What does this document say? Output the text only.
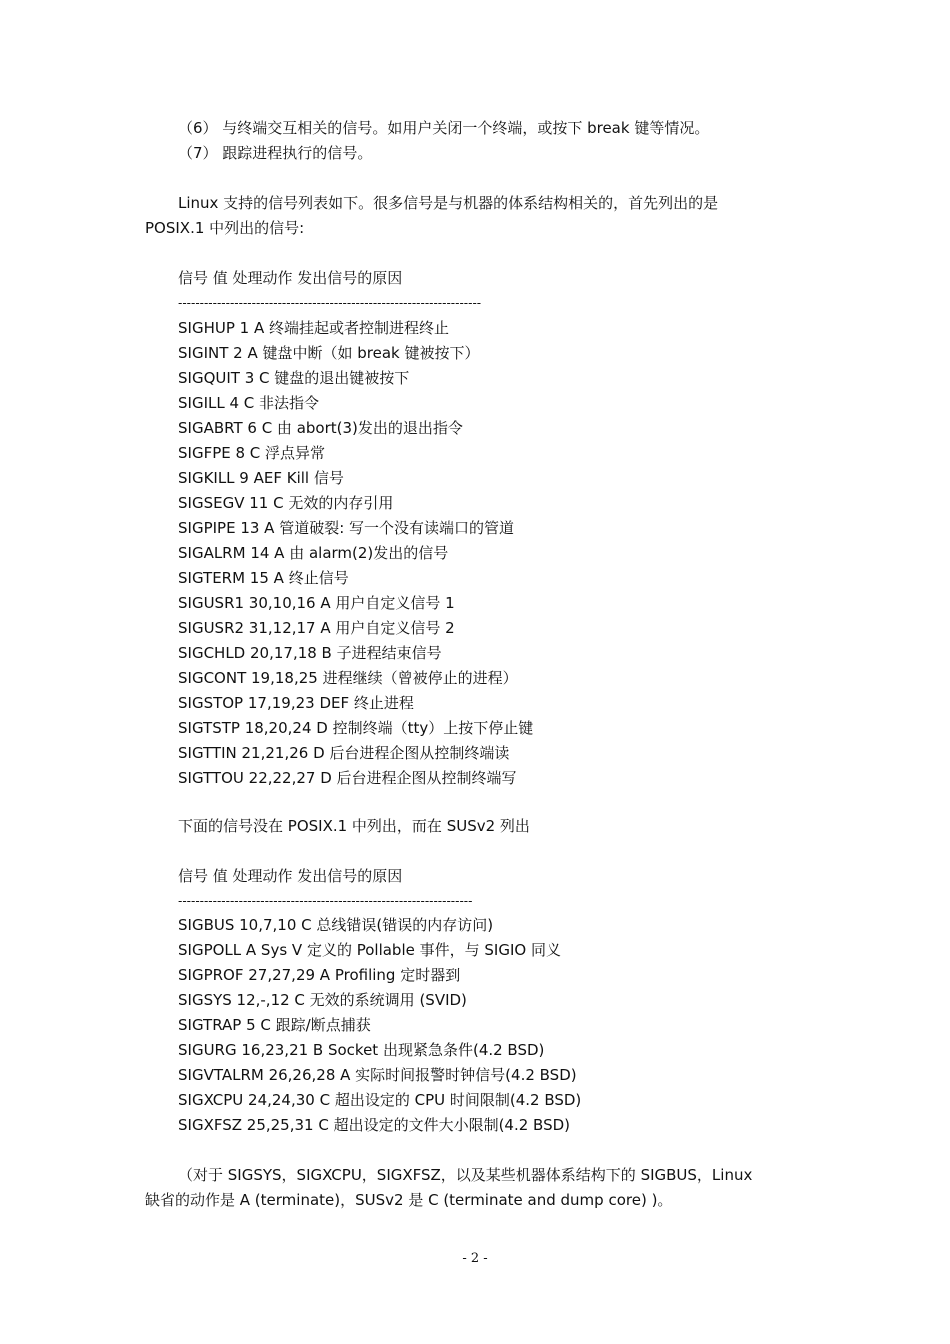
（6） 与终端交互相关的信号。如用户关闭一个终端，或按下 break 键等情况。
（7） 跟踪进程执行的信号。
Linux 支持的信号列表如下。很多信号是与机器的体系结构相关的，首先列出的是
POSIX.1 中列出的信号:
信号 值 处理动作 发出信号的原因
----------------------------------------------------------------------
SIGHUP 1 A 终端挂起或者控制进程终止
SIGINT 2 A 键盘中断（如 break 键被按下）
SIGQUIT 3 C 键盘的退出键被按下
SIGILL 4 C 非法指令
SIGABRT 6 C 由 abort(3)发出的退出指令
SIGFPE 8 C 浮点异常
SIGKILL 9 AEF Kill 信号
SIGSEGV 11 C 无效的内存引用
SIGPIPE 13 A 管道破裂: 写一个没有读端口的管道
SIGALRM 14 A 由 alarm(2)发出的信号
SIGTERM 15 A 终止信号
SIGUSR1 30,10,16 A 用户自定义信号 1
SIGUSR2 31,12,17 A 用户自定义信号 2
SIGCHLD 20,17,18 B 子进程结束信号
SIGCONT 19,18,25 进程继续（曾被停止的进程）
SIGSTOP 17,19,23 DEF 终止进程
SIGTSTP 18,20,24 D 控制终端（tty）上按下停止键
SIGTTIN 21,21,26 D 后台进程企图从控制终端读
SIGTTOU 22,22,27 D 后台进程企图从控制终端写
下面的信号没在 POSIX.1 中列出，而在 SUSv2 列出
信号 值 处理动作 发出信号的原因
--------------------------------------------------------------------
SIGBUS 10,7,10 C 总线错误(错误的内存访问)
SIGPOLL A Sys V 定义的 Pollable 事件，与 SIGIO 同义
SIGPROF 27,27,29 A Profiling 定时器到
SIGSYS 12,-,12 C 无效的系统调用 (SVID)
SIGTRAP 5 C 跟踪/断点捕获
SIGURG 16,23,21 B Socket 出现紧急条件(4.2 BSD)
SIGVTALRM 26,26,28 A 实际时间报警时钟信号(4.2 BSD)
SIGXCPU 24,24,30 C 超出设定的 CPU 时间限制(4.2 BSD)
SIGXFSZ 25,25,31 C 超出设定的文件大小限制(4.2 BSD)
（对于 SIGSYS，SIGXCPU，SIGXFSZ，以及某些机器体系结构下的 SIGBUS，Linux
缺省的动作是 A (terminate)，SUSv2 是 C (terminate and dump core) )。
- 2 -
